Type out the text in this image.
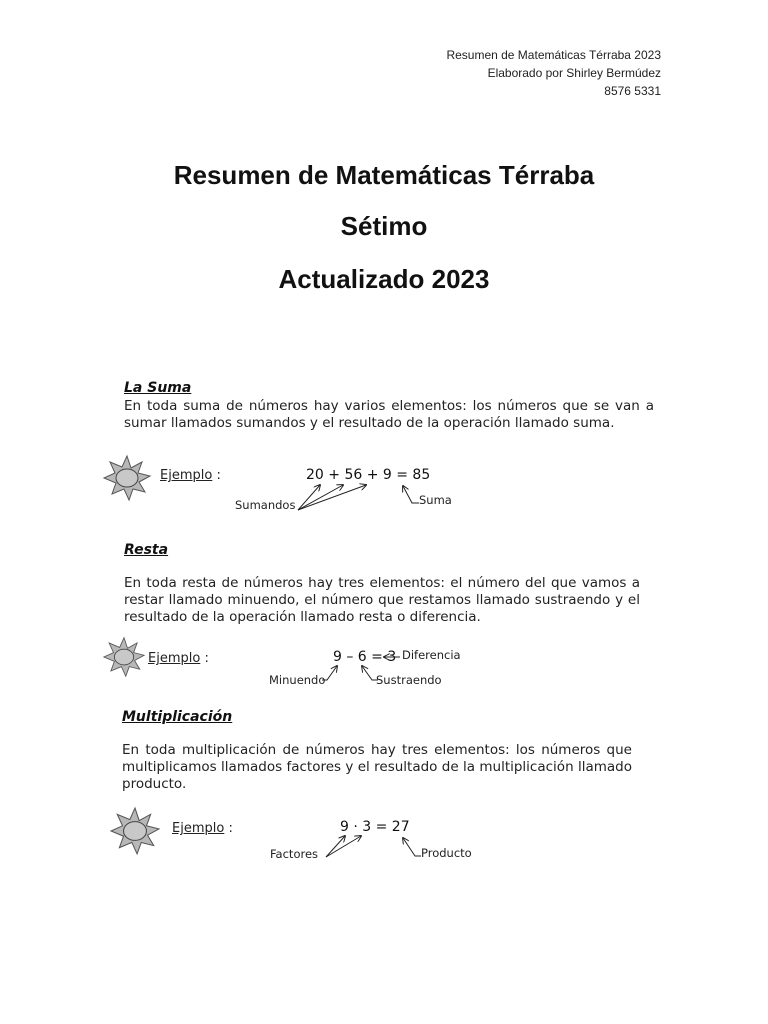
Resumen de Matemáticas Térraba 2023
Elaborado por Shirley Bermúdez
8576 5331
Resumen de Matemáticas Térraba
Sétimo
Actualizado 2023
La Suma
En toda suma de números hay varios elementos: los números que se van a sumar llamados sumandos y el resultado de la operación llamado suma.
Ejemplo :	20 + 56 + 9 = 85
Sumandos	Suma
Resta
En toda resta de números hay tres elementos: el número del que vamos a restar llamado minuendo, el número que restamos llamado sustraendo y el resultado de la operación llamado resta o diferencia.
Ejemplo :	9 – 6 = 3 Diferencia
Minuendo	Sustraendo
Multiplicación
En toda multiplicación de números hay tres elementos: los números que multiplicamos llamados factores y el resultado de la multiplicación llamado producto.
Ejemplo :	9 · 3 = 27
Factores	Producto
